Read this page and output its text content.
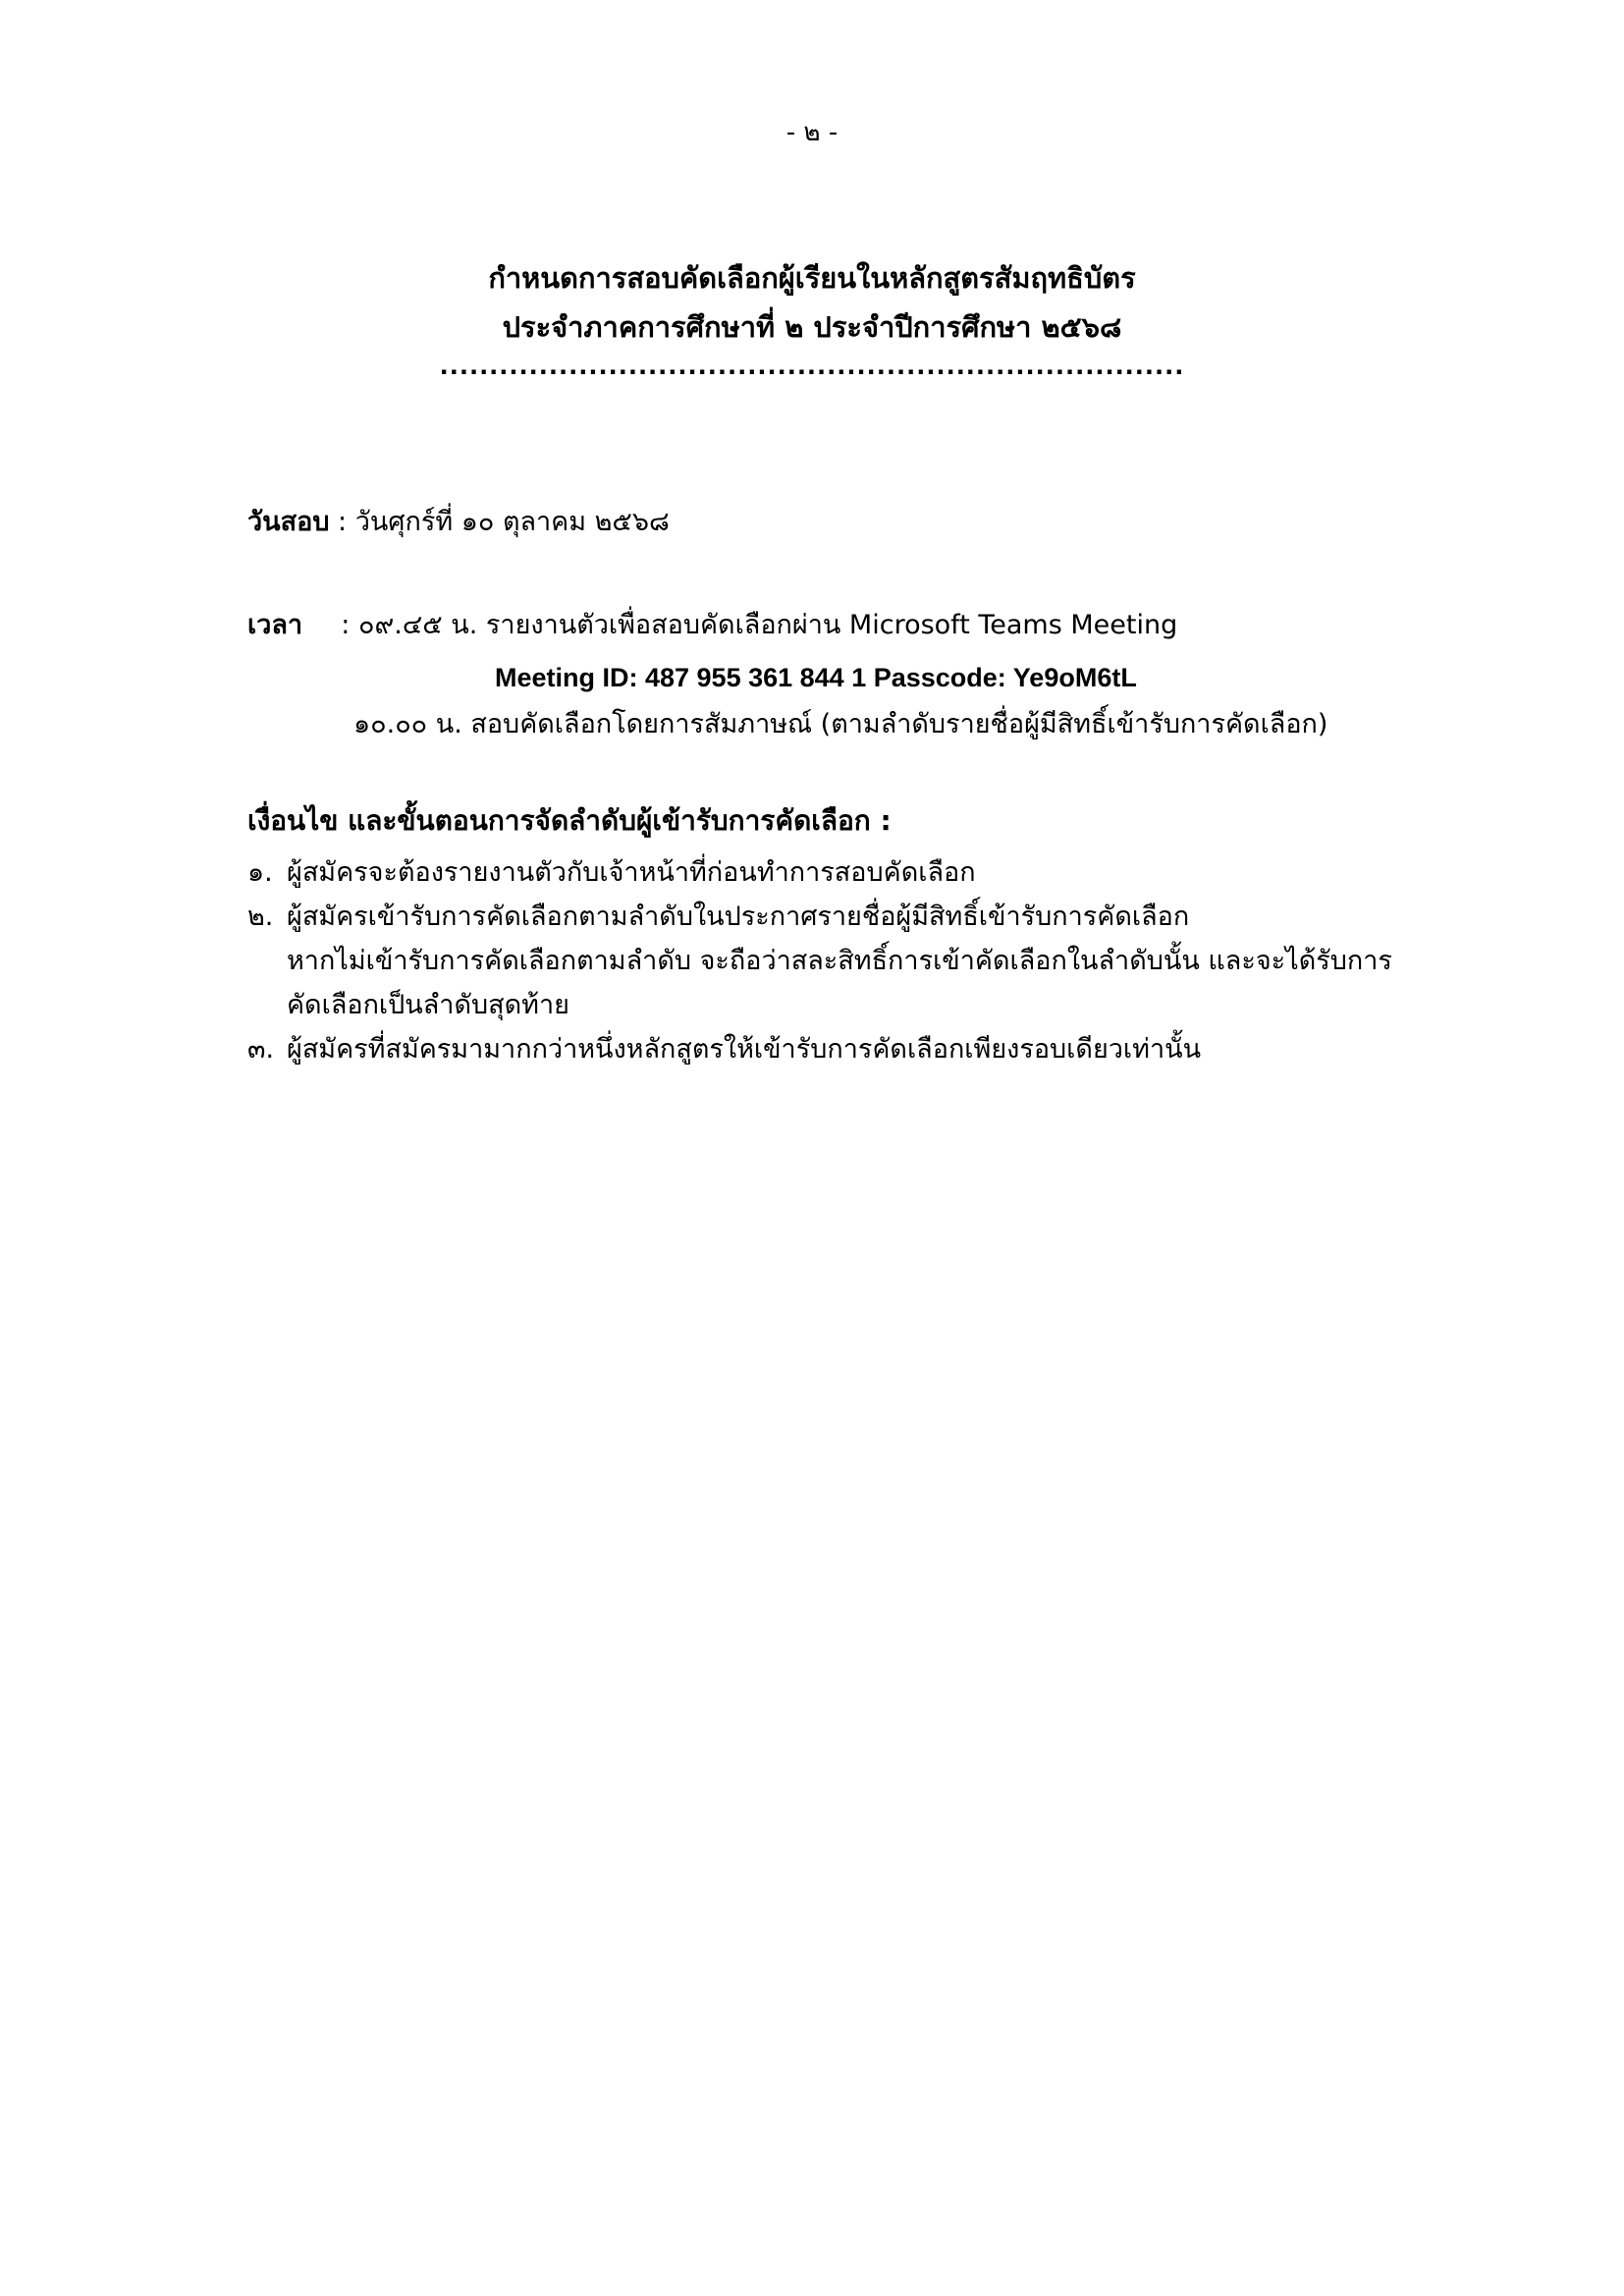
- ๒ -
กำหนดการสอบคัดเลือกผู้เรียนในหลักสูตรสัมฤทธิบัตร
ประจำภาคการศึกษาที่ ๒ ประจำปีการศึกษา ๒๕๖๘
...........................................................................
วันสอบ : วันศุกร์ที่ ๑๐ ตุลาคม ๒๕๖๘
เวลา : ๐๙.๔๕ น. รายงานตัวเพื่อสอบคัดเลือกผ่าน Microsoft Teams Meeting
Meeting ID: 487 955 361 844 1 Passcode: Ye9oM6tL
๑๐.๐๐ น. สอบคัดเลือกโดยการสัมภาษณ์ (ตามลำดับรายชื่อผู้มีสิทธิ์เข้ารับการคัดเลือก)
เงื่อนไข และขั้นตอนการจัดลำดับผู้เข้ารับการคัดเลือก :
๑. ผู้สมัครจะต้องรายงานตัวกับเจ้าหน้าที่ก่อนทำการสอบคัดเลือก
๒. ผู้สมัครเข้ารับการคัดเลือกตามลำดับในประกาศรายชื่อผู้มีสิทธิ์เข้ารับการคัดเลือก
หากไม่เข้ารับการคัดเลือกตามลำดับ จะถือว่าสละสิทธิ์การเข้าคัดเลือกในลำดับนั้น และจะได้รับการ
คัดเลือกเป็นลำดับสุดท้าย
๓. ผู้สมัครที่สมัครมามากกว่าหนึ่งหลักสูตรให้เข้ารับการคัดเลือกเพียงรอบเดียวเท่านั้น
